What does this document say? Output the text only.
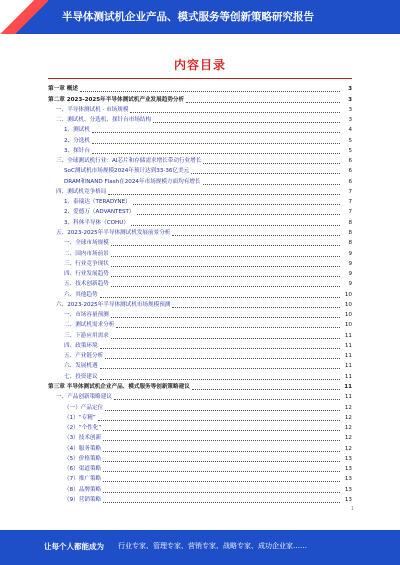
半导体测试机企业产品、模式服务等创新策略研究报告
内容目录
第一章 概述	3
第二章 2023-2025年半导体测试机产业发展趋势分析	3
一、半导体测试机 · 市场规模	3
二、测试机、分选机、探针台市场结构	3
1、测试机	4
2、分选机	5
3、探针台	5
三、全球测试机行业：AI芯片和存储需求增长带动行业增长	6
SoC测试机市场规模2024年预计达到33-36亿美元	6
DRAM和NAND Flash在2024年市场规模方面均有增长	6
四、测试机竞争格局	7
1、泰瑞达（TERADYNE）	7
2、爱德万（ADVANTEST）	7
3、科休半导体（COHU）	8
五、2023-2025年半导体测试机发展前景分析	8
一、全球市场规模	8
二、国内市场前景	9
三、行业竞争现状	9
四、行业发展趋势	9
五、技术创新趋势	9
六、其他趋势	10
六、2023-2025年半导体测试机市场规模预测	10
一、市场容量预测	10
二、测试机需求分析	10
三、下游应用需求	11
四、政策环境	11
五、产业链分析	11
六、发展机遇	11
七、投资建议	11
第三章 半导体测试机企业产品、模式服务等创新策略建议	11
一、产品创新策略建议	11
（一）产品定位	12
（1）“专精”	12
（2）“个性化”	12
（3）技术创新	12
（4）服务策略	12
（5）价格策略	13
（6）渠道策略	13
（7）推广策略	13
（8）品牌策略	13
（9）营销策略	13
1
让每个人都能成为 行业专家、管理专家、营销专家、战略专家、成功企业家……
